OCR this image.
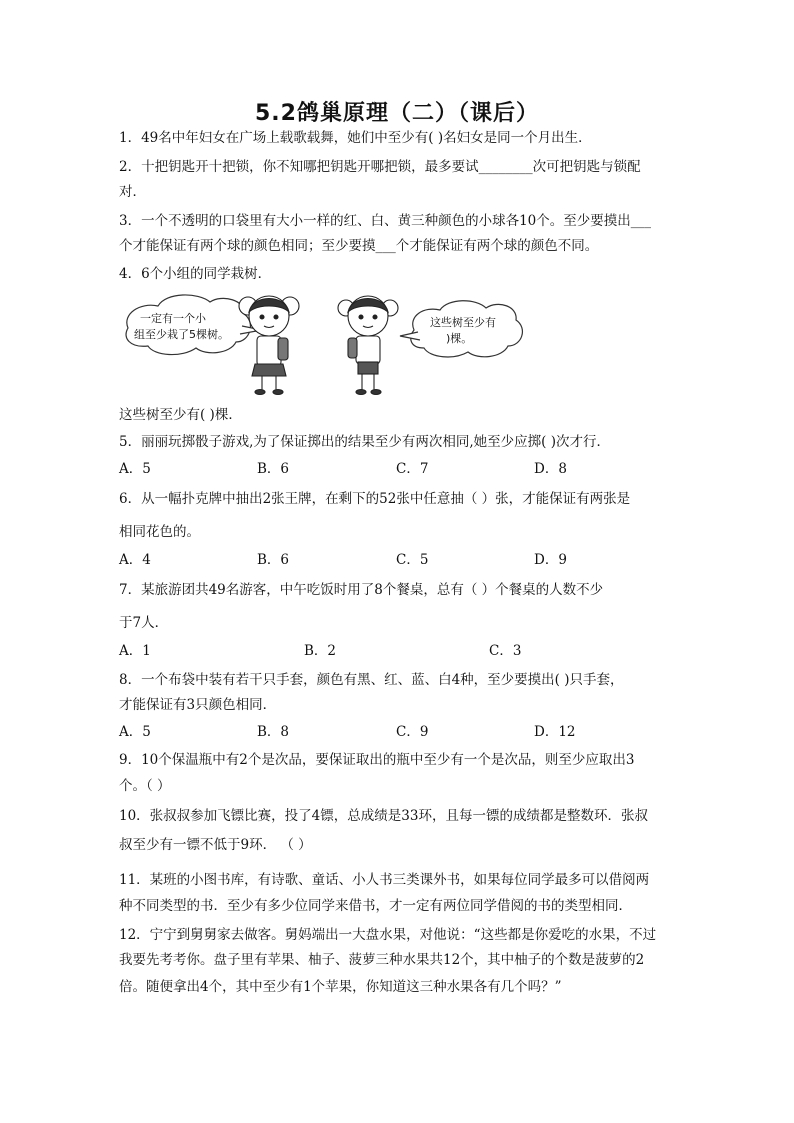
5.2鸽巢原理（二）（课后）
1．49名中年妇女在广场上载歌载舞，她们中至少有( )名妇女是同一个月出生．
2．十把钥匙开十把锁，你不知哪把钥匙开哪把锁，最多要试________次可把钥匙与锁配
对．
3．一个不透明的口袋里有大小一样的红、白、黄三种颜色的小球各10个。至少要摸出___
个才能保证有两个球的颜色相同；至少要摸___个才能保证有两个球的颜色不同。
4．6个小组的同学栽树．
一定有一个小
组至少栽了5棵树。
这些树至少有
)棵。
这些树至少有( )棵．
5．丽丽玩掷骰子游戏,为了保证掷出的结果至少有两次相同,她至少应掷( )次才行．
A．5	B．6	C．7	D．8
6．从一幅扑克牌中抽出2张王牌，在剩下的52张中任意抽（ ）张，才能保证有两张是
相同花色的。
A．4	B．6	C．5	D．9
7．某旅游团共49名游客，中午吃饭时用了8个餐桌，总有（ ）个餐桌的人数不少
于7人．
A．1	B．2	C．3
8．一个布袋中装有若干只手套，颜色有黑、红、蓝、白4种，至少要摸出( )只手套，
才能保证有3只颜色相同．
A．5	B．8	C．9	D．12
9．10个保温瓶中有2个是次品，要保证取出的瓶中至少有一个是次品，则至少应取出3
个。（ ）
10．张叔叔参加飞镖比赛，投了4镖，总成绩是33环，且每一镖的成绩都是整数环．张叔
叔至少有一镖不低于9环． （ ）
11．某班的小图书库，有诗歌、童话、小人书三类课外书，如果每位同学最多可以借阅两
种不同类型的书．至少有多少位同学来借书，才一定有两位同学借阅的书的类型相同．
12．宁宁到舅舅家去做客。舅妈端出一大盘水果，对他说：“这些都是你爱吃的水果，不过
我要先考考你。盘子里有苹果、柚子、菠萝三种水果共12个，其中柚子的个数是菠萝的2
倍。随便拿出4个，其中至少有1个苹果，你知道这三种水果各有几个吗？”
